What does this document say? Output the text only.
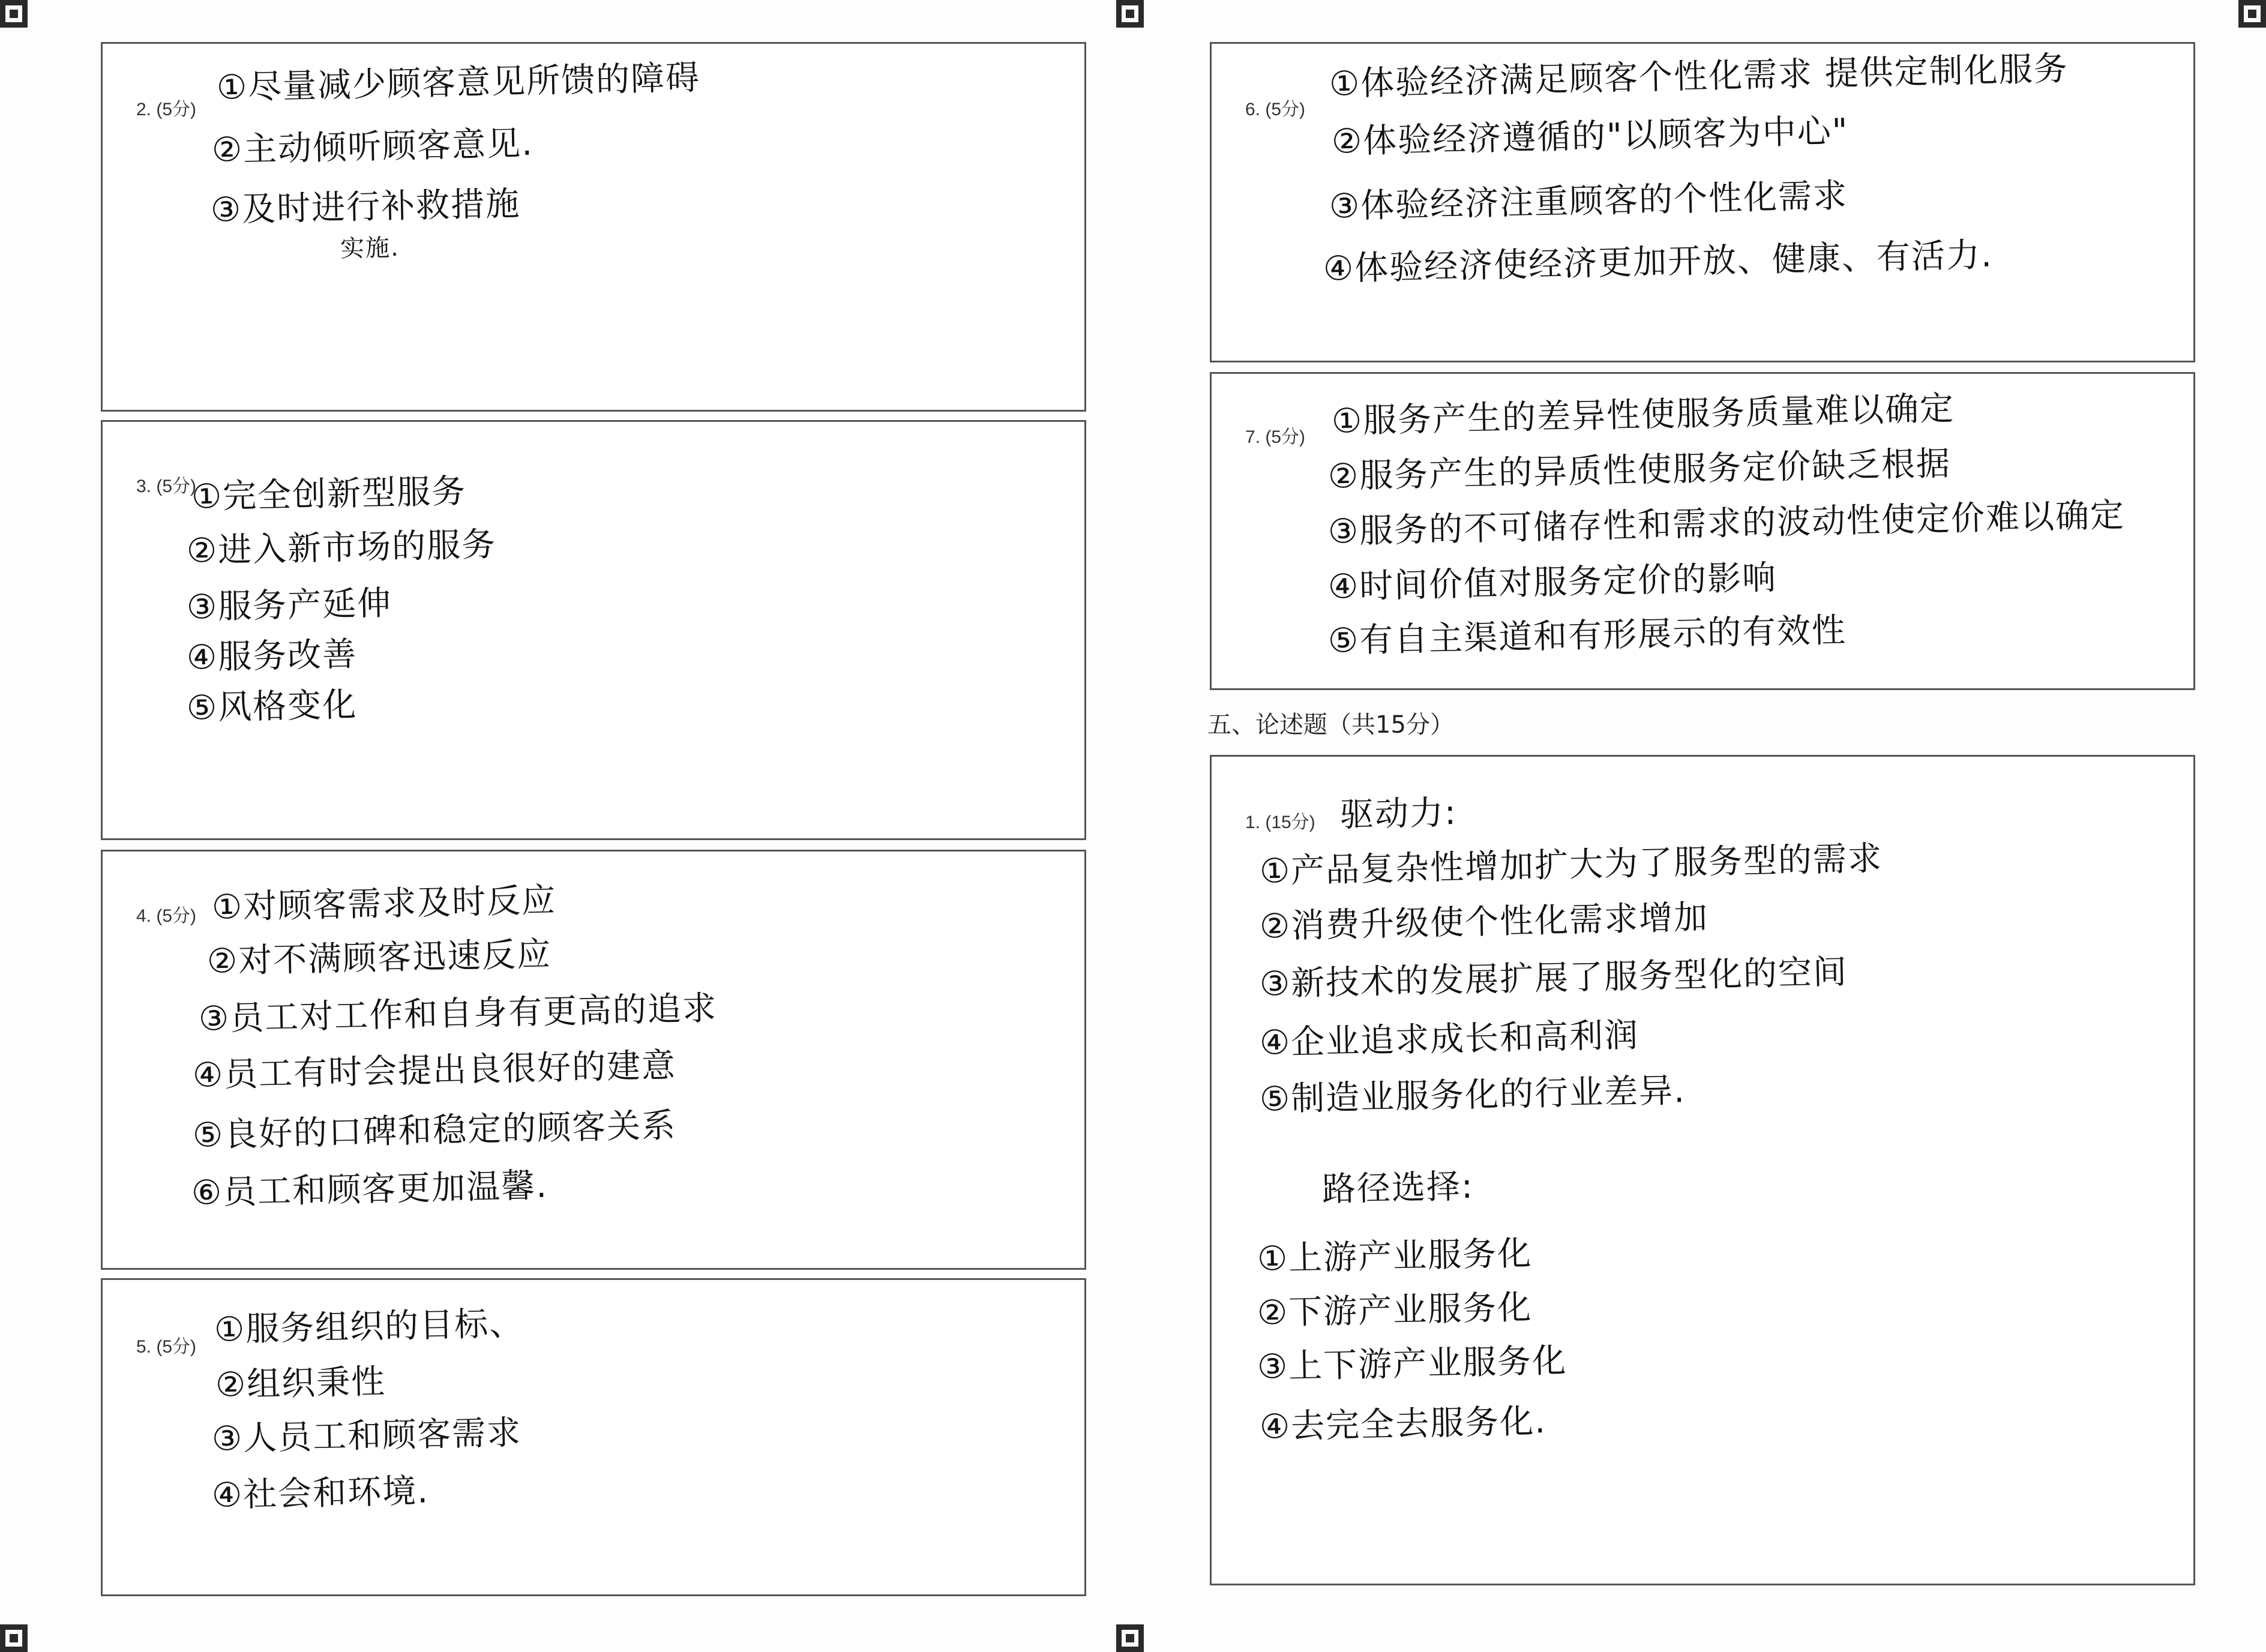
2. (5分)
①尽量减少顾客意见所馈的障碍
②主动倾听顾客意见.
③及时进行补救措施
实施.
3. (5分)
①完全创新型服务
②进入新市场的服务
③服务产延伸
④服务改善
⑤风格变化
4. (5分) ①对顾客需求及时反应
②对不满顾客迅速反应
③员工对工作和自身有更高的追求
④员工有时会提出良很好的建意
⑤良好的口碑和稳定的顾客关系
⑥员工和顾客更加温馨.
5. (5分) ①服务组织的目标、
②组织秉性
③人员工和顾客需求
④社会和环境.
6. (5分)
①体验经济满足顾客个性化需求 提供定制化服务
②体验经济遵循的"以顾客为中心"
③体验经济注重顾客的个性化需求
④体验经济使经济更加开放、健康、有活力.
7. (5分) ①服务产生的差异性使服务质量难以确定
②服务产生的异质性使服务定价缺乏根据
③服务的不可储存性和需求的波动性使定价难以确定
④时间价值对服务定价的影响
⑤有自主渠道和有形展示的有效性
五、论述题（共15分）
1. (15分) 驱动力:
①产品复杂性增加扩大为了服务型的需求
②消费升级使个性化需求增加
③新技术的发展扩展了服务型化的空间
④企业追求成长和高利润
⑤制造业服务化的行业差异.
路径选择:
①上游产业服务化
②下游产业服务化
③上下游产业服务化
④去完全去服务化.
